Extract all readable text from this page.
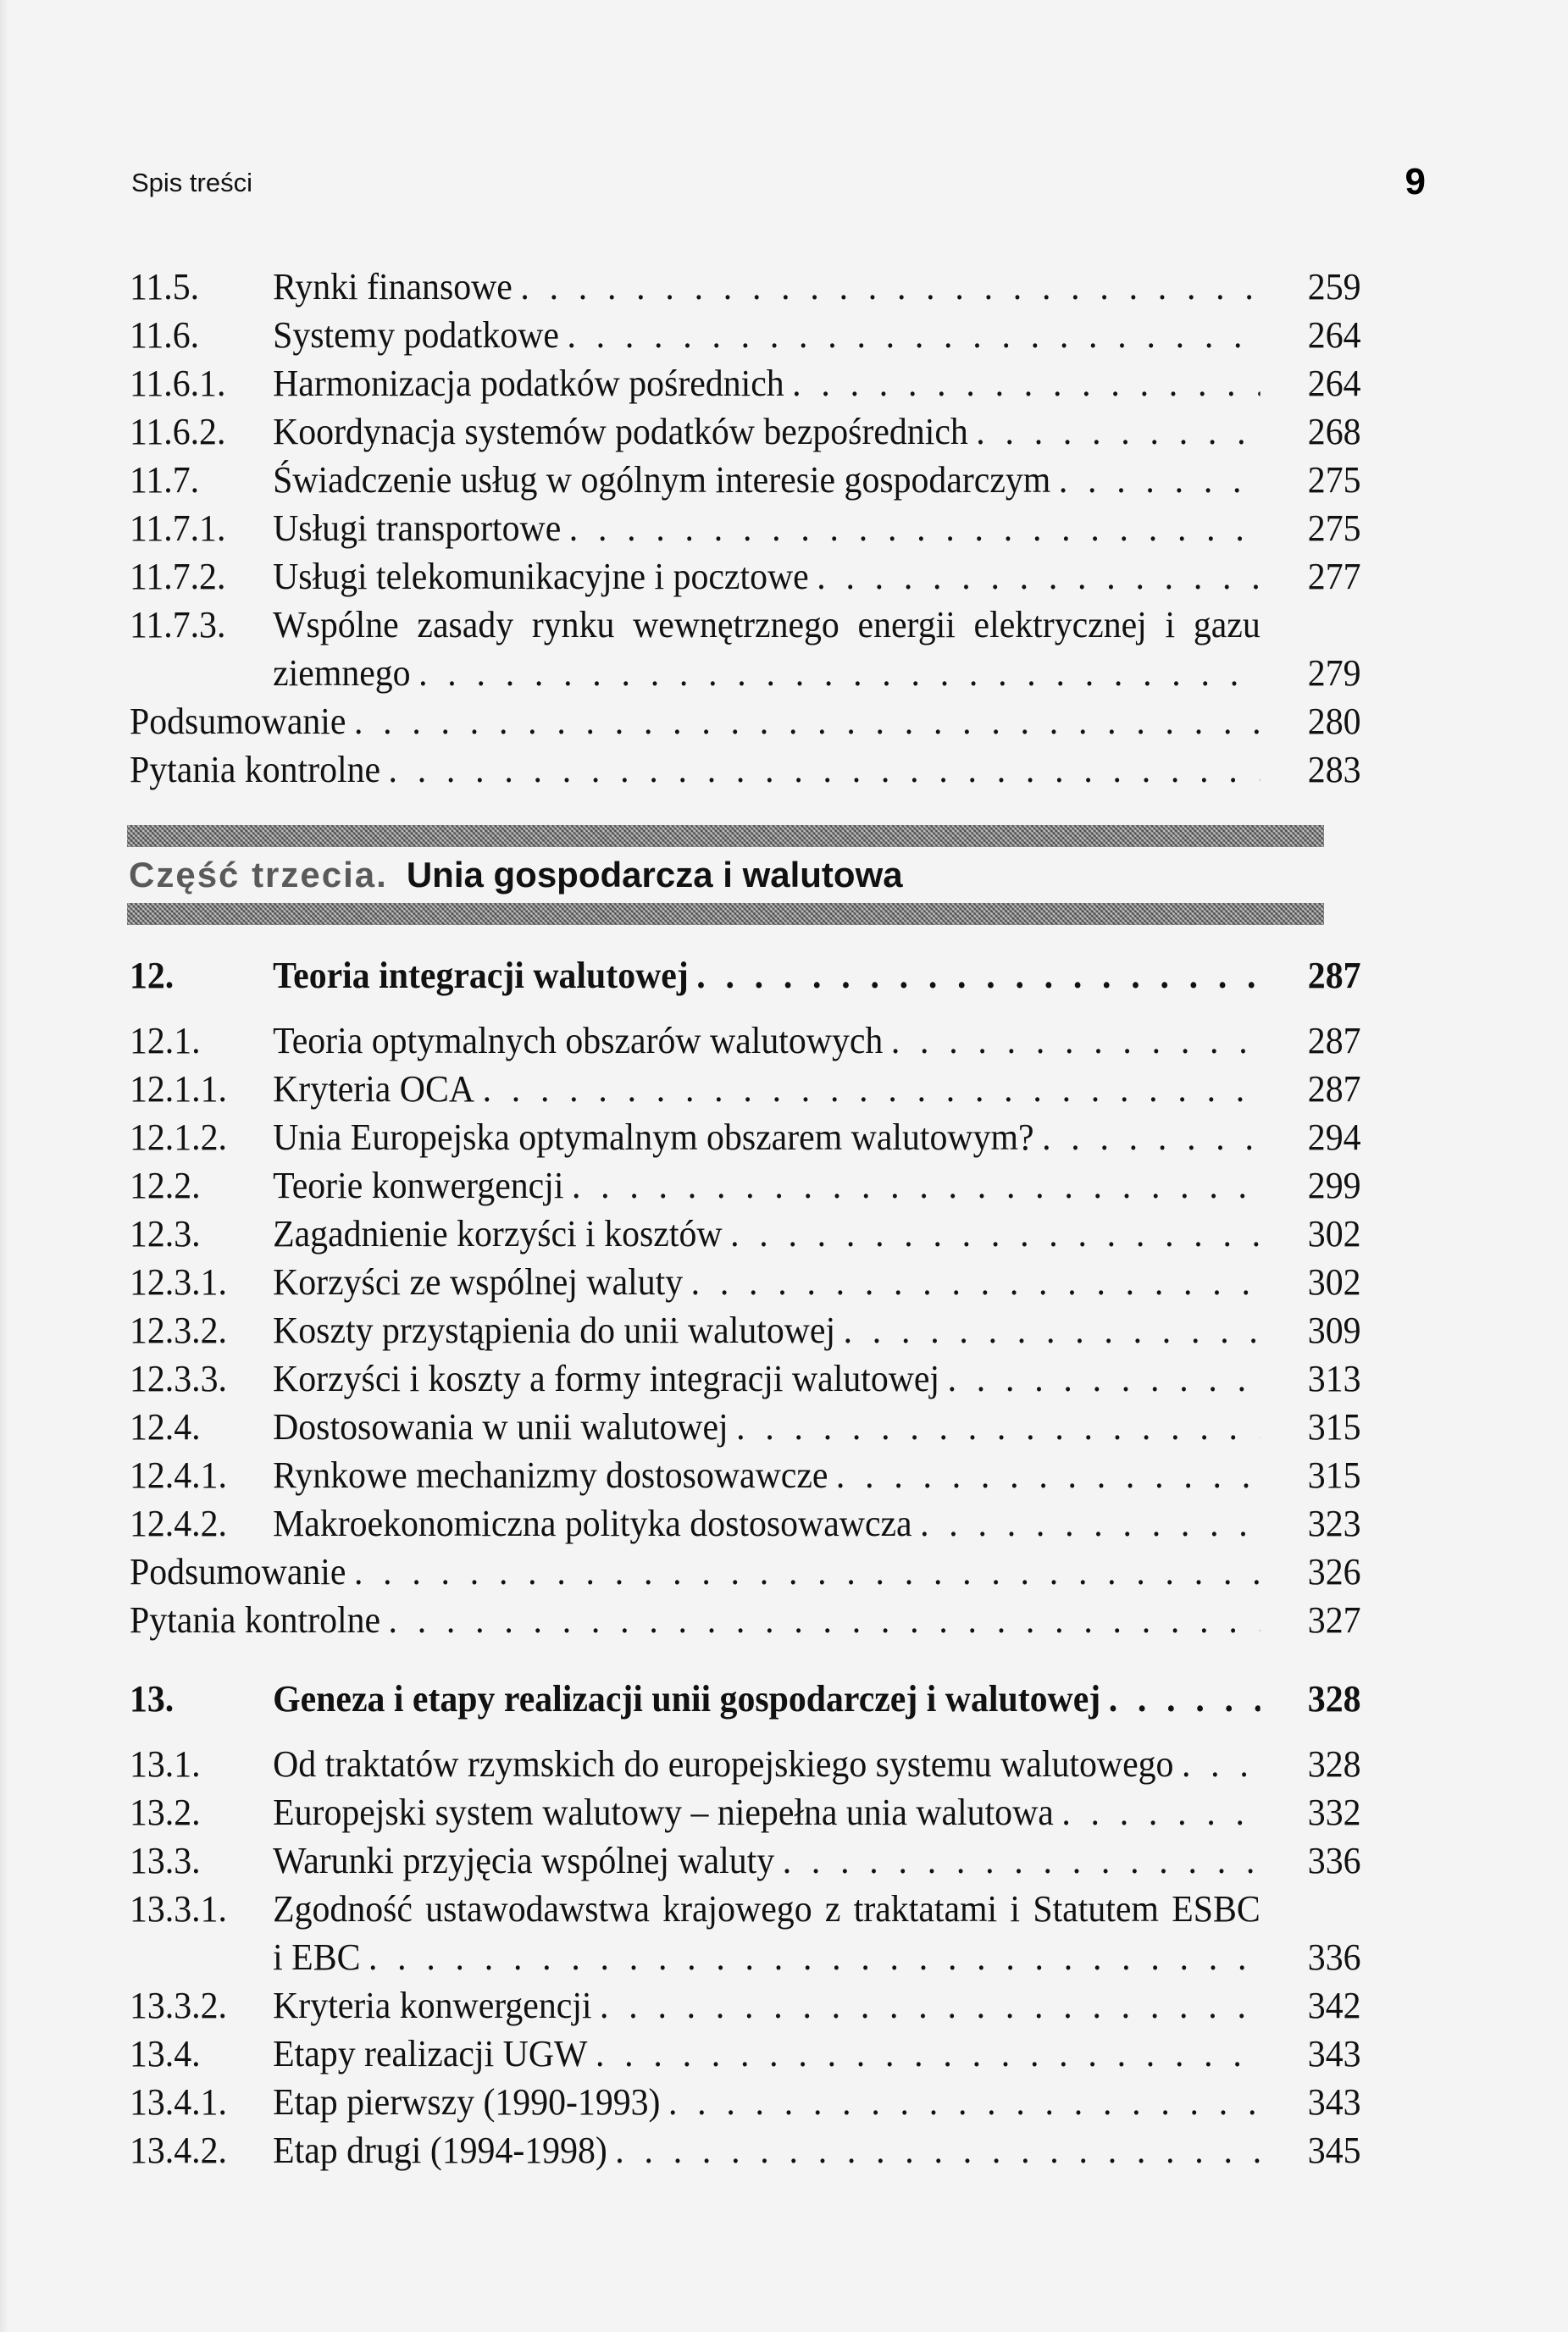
Spis treści	9
11.5. Rynki finansowe . . .	259
11.6. Systemy podatkowe . . .	264
11.6.1. Harmonizacja podatków pośrednich . . .	264
11.6.2. Koordynacja systemów podatków bezpośrednich . . .	268
11.7. Świadczenie usług w ogólnym interesie gospodarczym . . .	275
11.7.1. Usługi transportowe . . .	275
11.7.2. Usługi telekomunikacyjne i pocztowe . . .	277
11.7.3. Wspólne zasady rynku wewnętrznego energii elektrycznej i gazu
ziemnego . . .	279
Podsumowanie . . .	280
Pytania kontrolne . . .	283
Część trzecia. Unia gospodarcza i walutowa
12.	Teoria integracji walutowej . . .	287
12.1. Teoria optymalnych obszarów walutowych . . .	287
12.1.1. Kryteria OCA . . .	287
12.1.2. Unia Europejska optymalnym obszarem walutowym? . . .	294
12.2. Teorie konwergencji . . .	299
12.3. Zagadnienie korzyści i kosztów . . .	302
12.3.1. Korzyści ze wspólnej waluty . . .	302
12.3.2. Koszty przystąpienia do unii walutowej . . .	309
12.3.3. Korzyści i koszty a formy integracji walutowej . . .	313
12.4. Dostosowania w unii walutowej . . .	315
12.4.1. Rynkowe mechanizmy dostosowawcze . . .	315
12.4.2. Makroekonomiczna polityka dostosowawcza . . .	323
Podsumowanie . . .	326
Pytania kontrolne . . .	327
13.	Geneza i etapy realizacji unii gospodarczej i walutowej . . .	328
13.1. Od traktatów rzymskich do europejskiego systemu walutowego . . .	328
13.2. Europejski system walutowy – niepełna unia walutowa . . .	332
13.3. Warunki przyjęcia wspólnej waluty . . .	336
13.3.1. Zgodność ustawodawstwa krajowego z traktatami i Statutem ESBC
i EBC . . .	336
13.3.2. Kryteria konwergencji . . .	342
13.4. Etapy realizacji UGW . . .	343
13.4.1. Etap pierwszy (1990-1993) . . .	343
13.4.2. Etap drugi (1994-1998) . . .	345
